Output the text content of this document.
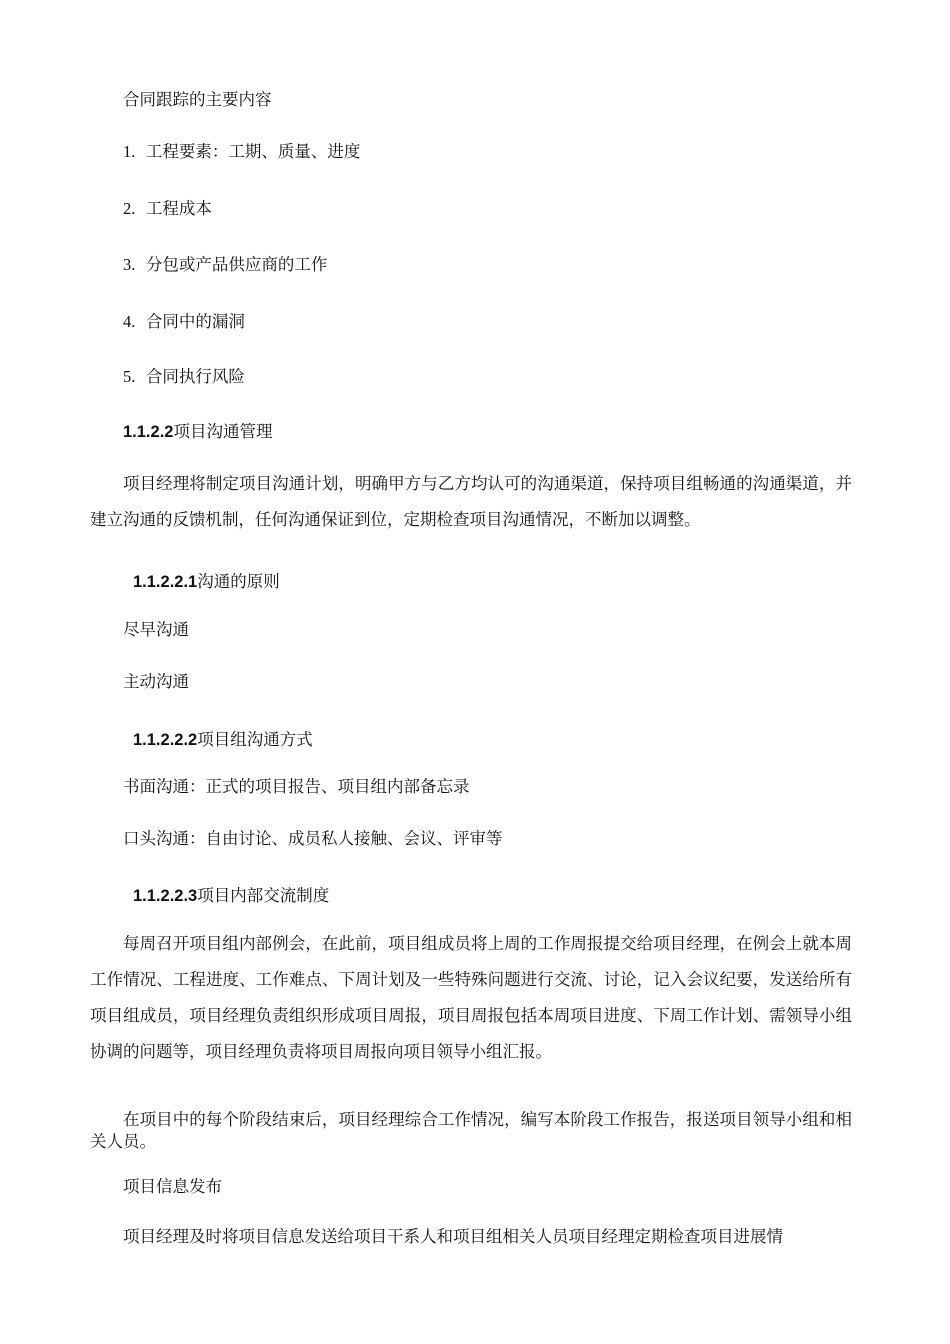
合同跟踪的主要内容
1. 工程要素：工期、质量、进度
2. 工程成本
3. 分包或产品供应商的工作
4. 合同中的漏洞
5. 合同执行风险
1.1.2.2项目沟通管理
项目经理将制定项目沟通计划，明确甲方与乙方均认可的沟通渠道，保持项目组畅通的沟通渠道，并建立沟通的反馈机制，任何沟通保证到位，定期检查项目沟通情况，不断加以调整。
1.1.2.2.1沟通的原则
尽早沟通
主动沟通
1.1.2.2.2项目组沟通方式
书面沟通：正式的项目报告、项目组内部备忘录
口头沟通：自由讨论、成员私人接触、会议、评审等
1.1.2.2.3项目内部交流制度
每周召开项目组内部例会，在此前，项目组成员将上周的工作周报提交给项目经理，在例会上就本周工作情况、工程进度、工作难点、下周计划及一些特殊问题进行交流、讨论，记入会议纪要，发送给所有项目组成员，项目经理负责组织形成项目周报，项目周报包括本周项目进度、下周工作计划、需领导小组协调的问题等，项目经理负责将项目周报向项目领导小组汇报。
在项目中的每个阶段结束后，项目经理综合工作情况，编写本阶段工作报告，报送项目领导小组和相关人员。
项目信息发布
项目经理及时将项目信息发送给项目干系人和项目组相关人员项目经理定期检查项目进展情
